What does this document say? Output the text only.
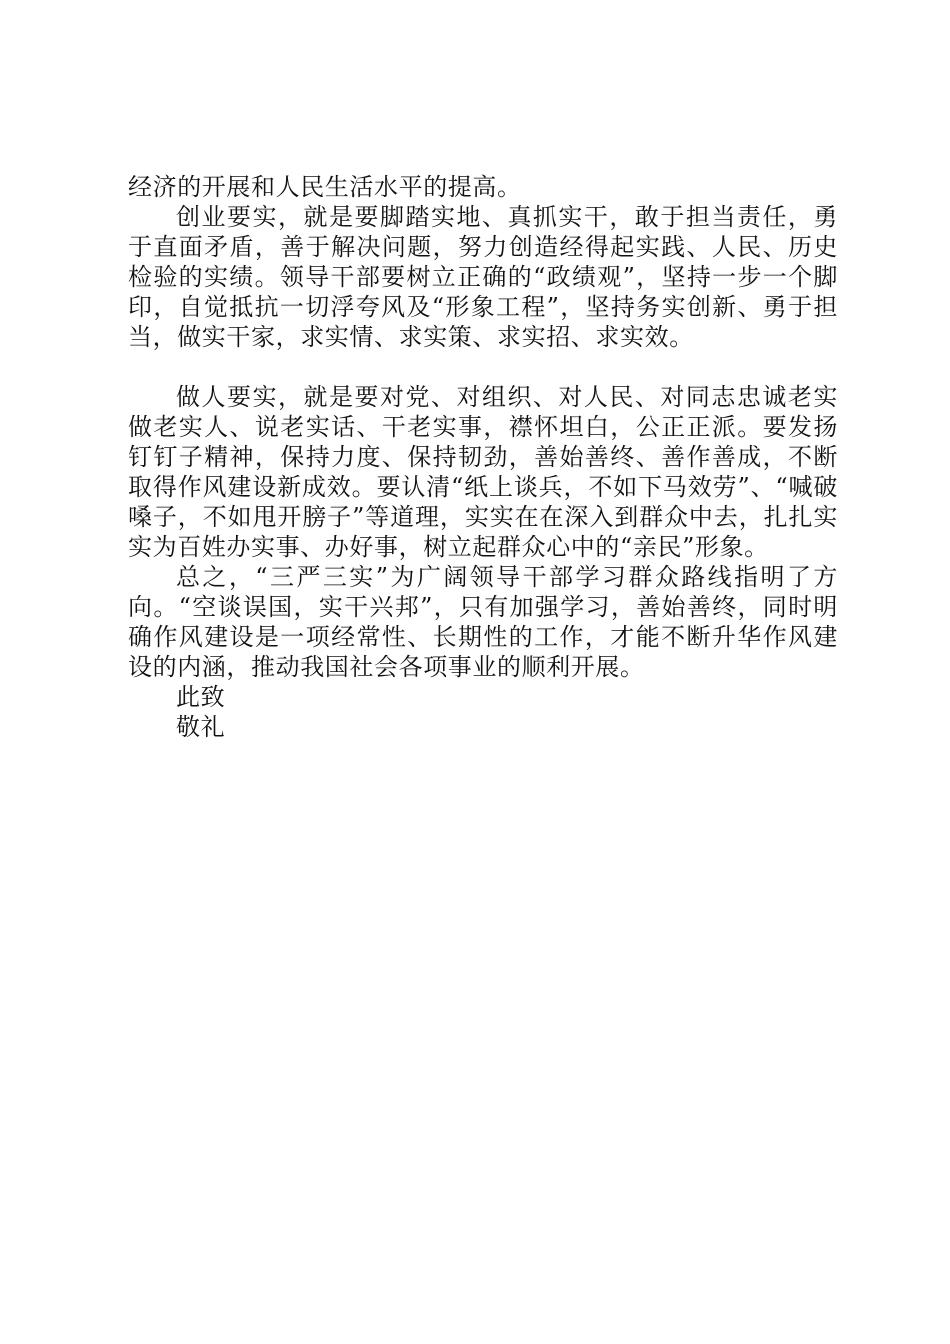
经济的开展和人民生活水平的提高。

创业要实，就是要脚踏实地、真抓实干，敢于担当责任，勇于直面矛盾，善于解决问题，努力创造经得起实践、人民、历史检验的实绩。领导干部要树立正确的“政绩观”，坚持一步一个脚印，自觉抵抗一切浮夸风及“形象工程”，坚持务实创新、勇于担当，做实干家，求实情、求实策、求实招、求实效。

做人要实，就是要对党、对组织、对人民、对同志忠诚老实做老实人、说老实话、干老实事，襟怀坦白，公正正派。要发扬钉钉子精神，保持力度、保持韧劲，善始善终、善作善成，不断取得作风建设新成效。要认清“纸上谈兵，不如下马效劳”、“喊破嗓子，不如甩开膀子”等道理，实实在在深入到群众中去，扎扎实实为百姓办实事、办好事，树立起群众心中的“亲民”形象。

总之，“三严三实”为广阔领导干部学习群众路线指明了方向。“空谈误国，实干兴邦”，只有加强学习，善始善终，同时明确作风建设是一项经常性、长期性的工作，才能不断升华作风建设的内涵，推动我国社会各项事业的顺利开展。

此致

敬礼
